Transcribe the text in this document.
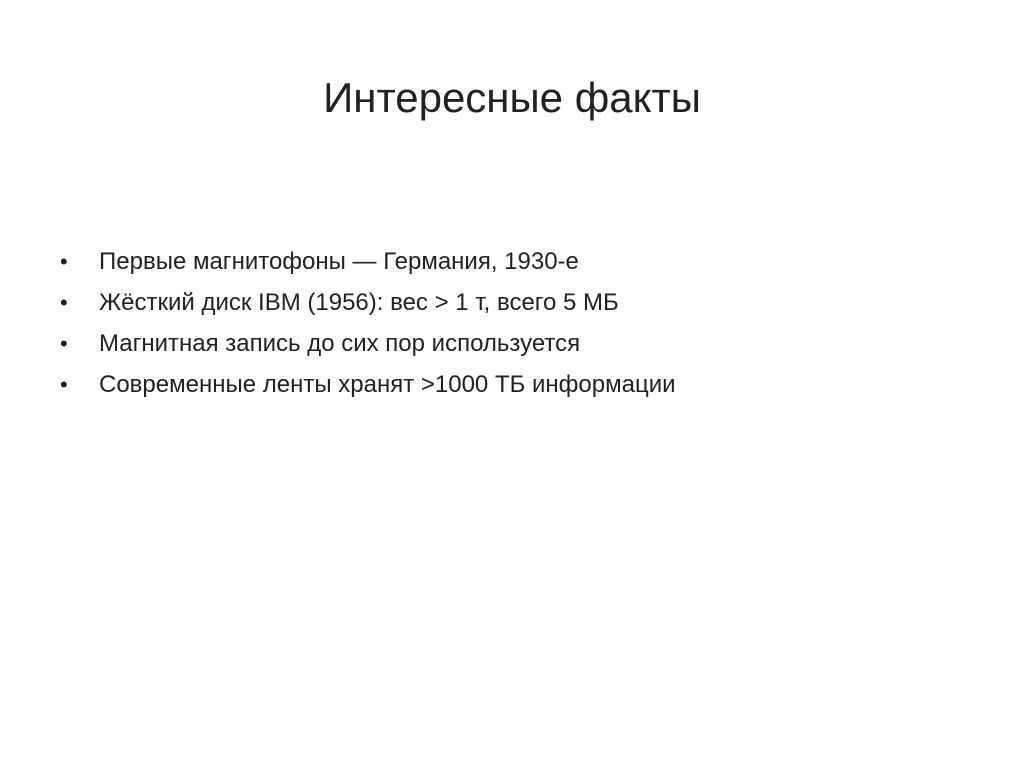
Интересные факты
•	Первые магнитофоны — Германия, 1930-е
•	Жёсткий диск IBM (1956): вес > 1 т, всего 5 МБ
•	Магнитная запись до сих пор используется
•	Современные ленты хранят >1000 ТБ информации
